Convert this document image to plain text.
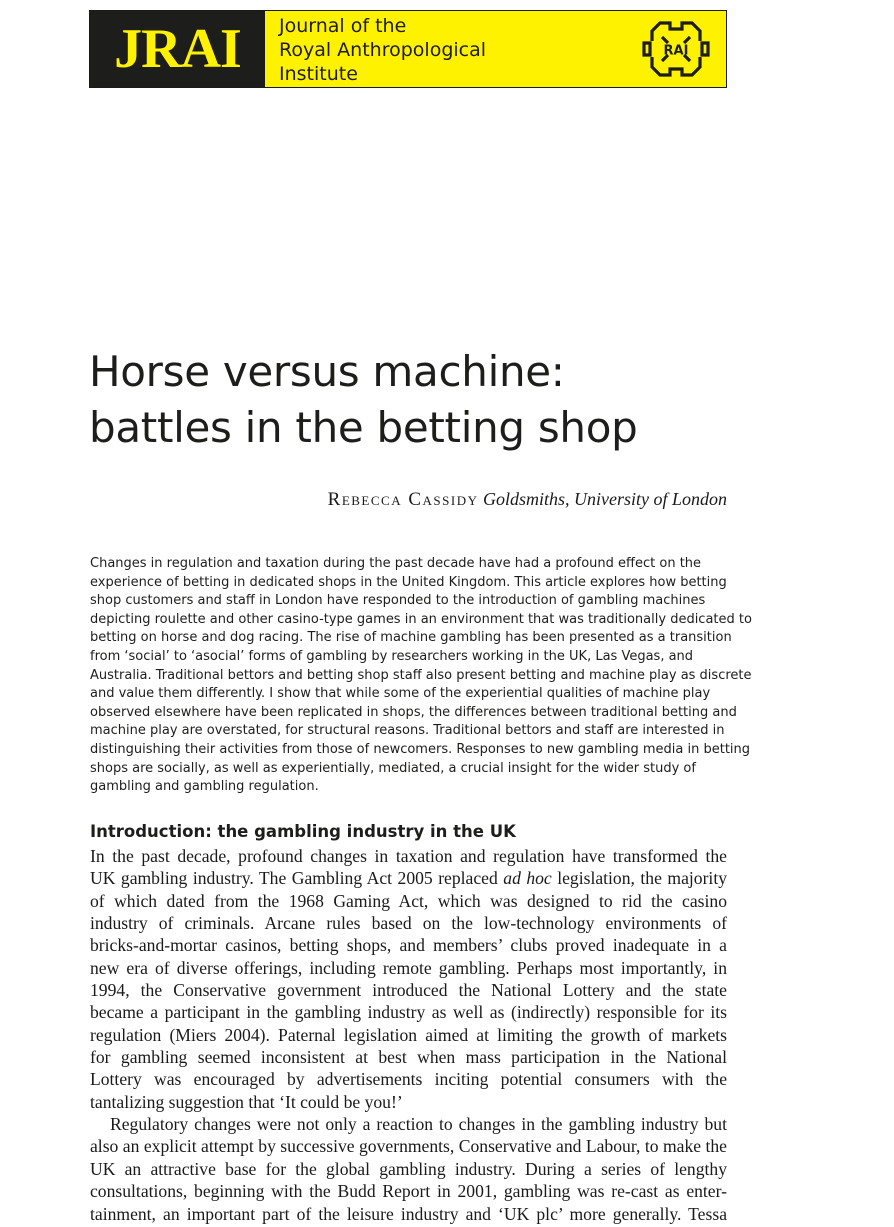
JRAI Journal of the
Royal Anthropological
Institute
RAI
Horse versus machine:
battles in the betting shop
Rebecca Cassidy Goldsmiths, University of London
Changes in regulation and taxation during the past decade have had a profound effect on the
experience of betting in dedicated shops in the United Kingdom. This article explores how betting
shop customers and staff in London have responded to the introduction of gambling machines
depicting roulette and other casino-type games in an environment that was traditionally dedicated to
betting on horse and dog racing. The rise of machine gambling has been presented as a transition
from ‘social’ to ‘asocial’ forms of gambling by researchers working in the UK, Las Vegas, and
Australia. Traditional bettors and betting shop staff also present betting and machine play as discrete
and value them differently. I show that while some of the experiential qualities of machine play
observed elsewhere have been replicated in shops, the differences between traditional betting and
machine play are overstated, for structural reasons. Traditional bettors and staff are interested in
distinguishing their activities from those of newcomers. Responses to new gambling media in betting
shops are socially, as well as experientially, mediated, a crucial insight for the wider study of
gambling and gambling regulation.
Introduction: the gambling industry in the UK
In the past decade, profound changes in taxation and regulation have transformed the
UK gambling industry. The Gambling Act 2005 replaced ad hoc legislation, the majority
of which dated from the 1968 Gaming Act, which was designed to rid the casino
industry of criminals. Arcane rules based on the low-technology environments of
bricks-and-mortar casinos, betting shops, and members’ clubs proved inadequate in a
new era of diverse offerings, including remote gambling. Perhaps most importantly, in
1994, the Conservative government introduced the National Lottery and the state
became a participant in the gambling industry as well as (indirectly) responsible for its
regulation (Miers 2004). Paternal legislation aimed at limiting the growth of markets
for gambling seemed inconsistent at best when mass participation in the National
Lottery was encouraged by advertisements inciting potential consumers with the
tantalizing suggestion that ‘It could be you!’
Regulatory changes were not only a reaction to changes in the gambling industry but
also an explicit attempt by successive governments, Conservative and Labour, to make the
UK an attractive base for the global gambling industry. During a series of lengthy
consultations, beginning with the Budd Report in 2001, gambling was re-cast as enter-
tainment, an important part of the leisure industry and ‘UK plc’ more generally. Tessa
